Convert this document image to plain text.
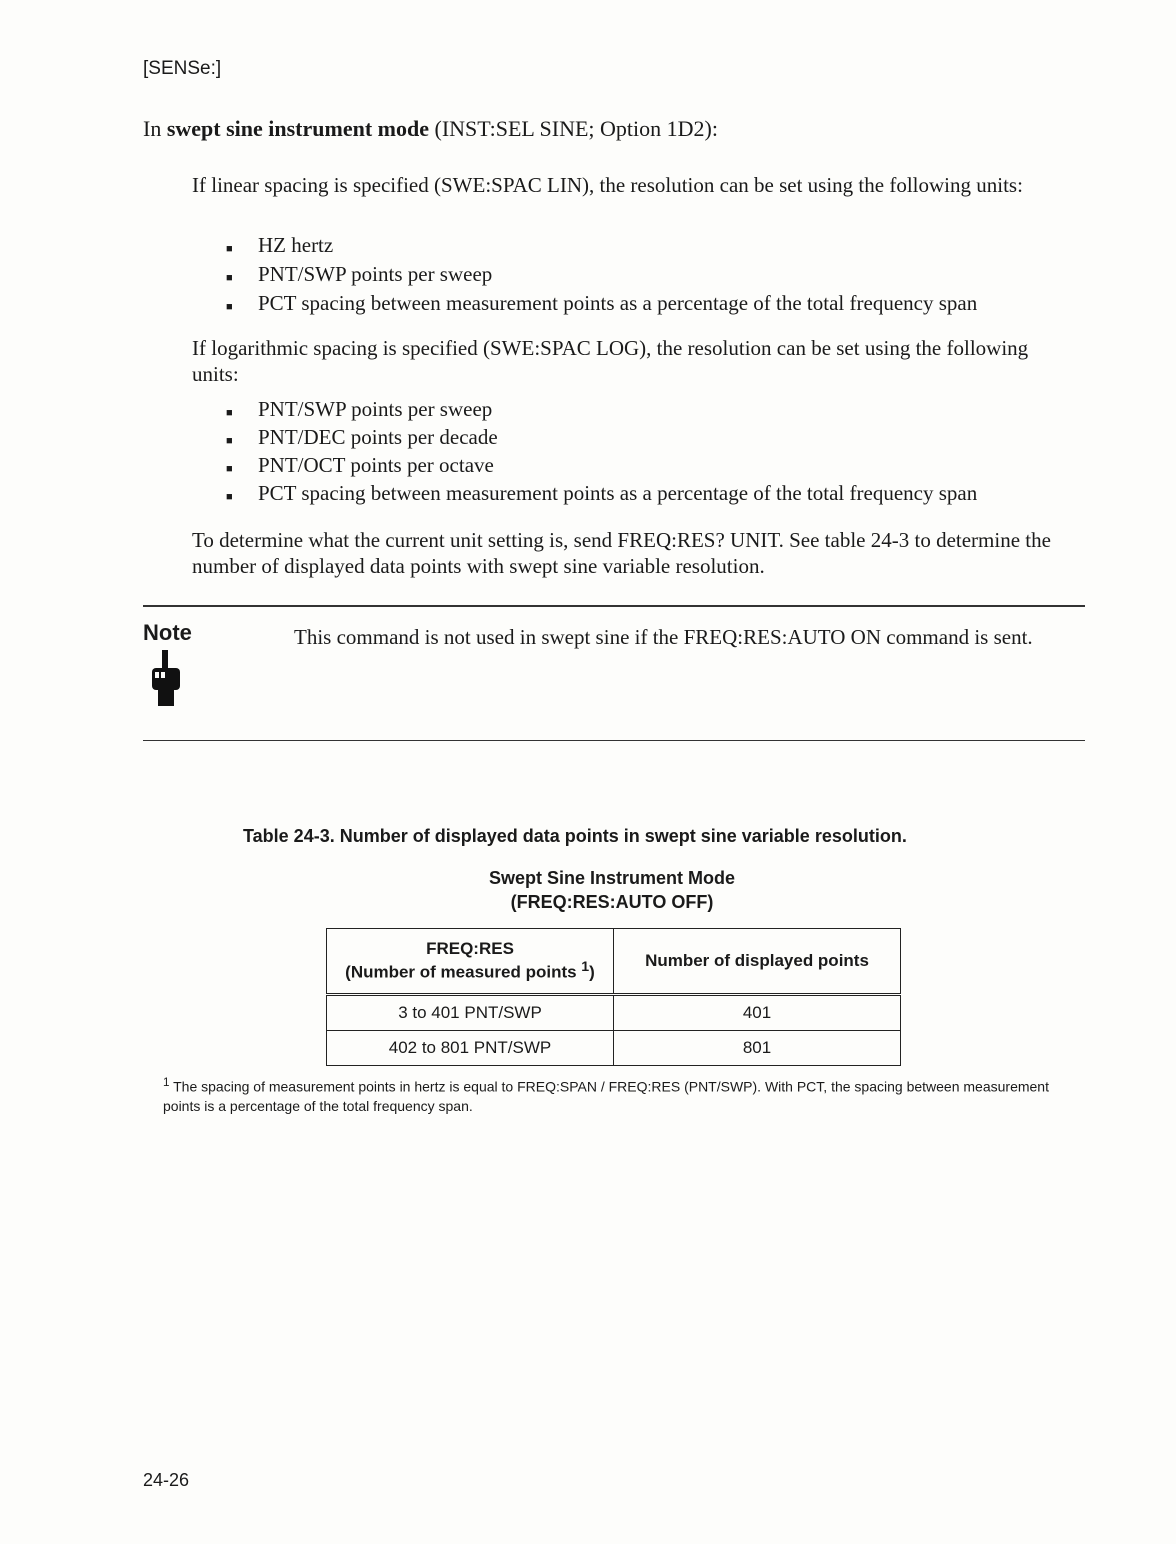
[SENSe:]
In swept sine instrument mode (INST:SEL SINE; Option 1D2):
If linear spacing is specified (SWE:SPAC LIN), the resolution can be set using the following units:
■ HZ hertz
■ PNT/SWP points per sweep
■ PCT spacing between measurement points as a percentage of the total frequency span
If logarithmic spacing is specified (SWE:SPAC LOG), the resolution can be set using the following units:
■ PNT/SWP points per sweep
■ PNT/DEC points per decade
■ PNT/OCT points per octave
■ PCT spacing between measurement points as a percentage of the total frequency span
To determine what the current unit setting is, send FREQ:RES? UNIT. See table 24-3 to determine the number of displayed data points with swept sine variable resolution.
Note	This command is not used in swept sine if the FREQ:RES:AUTO ON command is sent.
Table 24-3. Number of displayed data points in swept sine variable resolution.
Swept Sine Instrument Mode
(FREQ:RES:AUTO OFF)
FREQ:RES
(Number of measured points $^1$)	Number of displayed points
3 to 401 PNT/SWP	401
402 to 801 PNT/SWP	801
$^1$ The spacing of measurement points in hertz is equal to FREQ:SPAN / FREQ:RES (PNT/SWP). With PCT, the spacing between measurement points is a percentage of the total frequency span.
24-26
